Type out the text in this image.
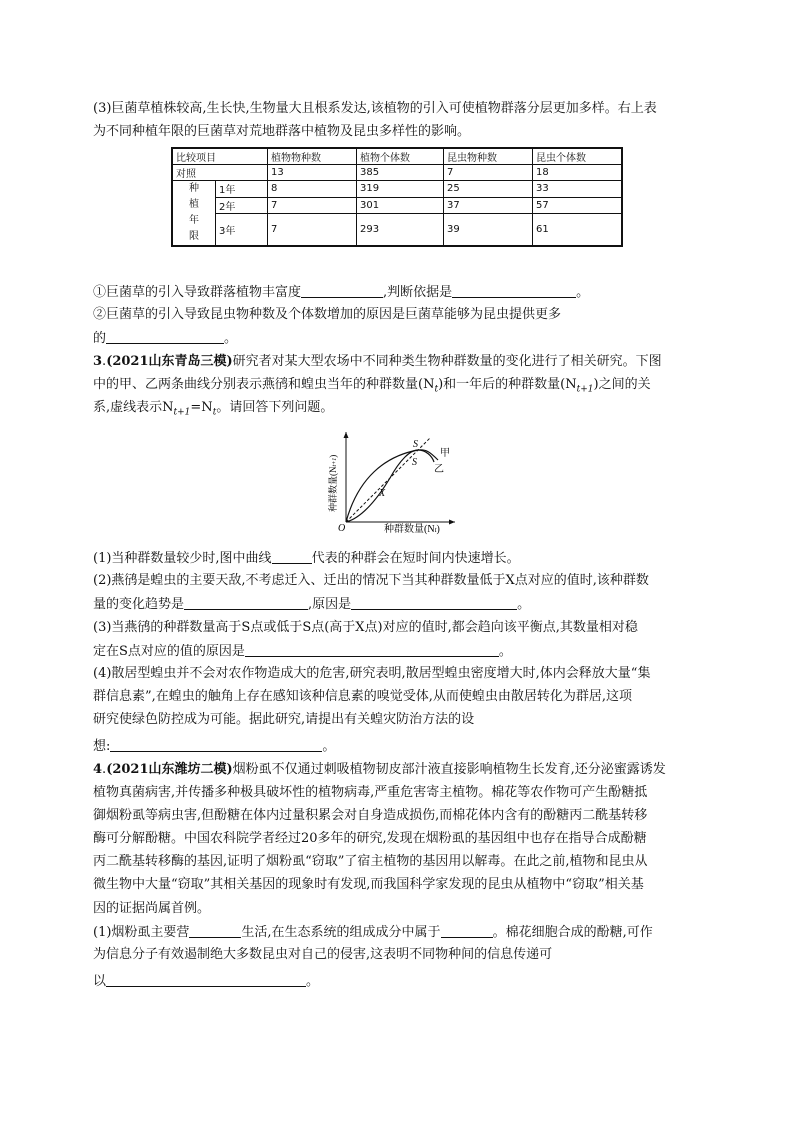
(3)巨菌草植株较高,生长快,生物量大且根系发达,该植物的引入可使植物群落分层更加多样。右上表
为不同种植年限的巨菌草对荒地群落中植物及昆虫多样性的影响。
比较项目		植物物种数	植物个体数	昆虫物种数	昆虫个体数
对照		13	385	7	18

种
植
年
限	1年	8	319	25	33
	2年	7	301	37	57
	3年	7	293	39	61
①巨菌草的引入导致群落植物丰富度	,判断依据是	。
②巨菌草的引入导致昆虫物种数及个体数增加的原因是巨菌草能够为昆虫提供更多
的	。
3.(2021山东青岛三模)研究者对某大型农场中不同种类生物种群数量的变化进行了相关研究。下图
中的甲、乙两条曲线分别表示燕鸻和蝗虫当年的种群数量$(N_t)$和一年后的种群数量$(N_{t+1})$之间的关
系,虚线表示$N_{t+1}=N_t$。请回答下列问题。
种群数量(Nt+1)
O	种群数量(Nt)
S
S
X
甲
乙
(1)当种群数量较少时,图中曲线	代表的种群会在短时间内快速增长。
(2)燕鸻是蝗虫的主要天敌,不考虑迁入、迁出的情况下当其种群数量低于X点对应的值时,该种群数
量的变化趋势是	,原因是	。
(3)当燕鸻的种群数量高于S点或低于S点(高于X点)对应的值时,都会趋向该平衡点,其数量相对稳
定在S点对应的值的原因是	。
(4)散居型蝗虫并不会对农作物造成大的危害,研究表明,散居型蝗虫密度增大时,体内会释放大量“集
群信息素”,在蝗虫的触角上存在感知该种信息素的嗅觉受体,从而使蝗虫由散居转化为群居,这项
研究使绿色防控成为可能。据此研究,请提出有关蝗灾防治方法的设
想:	。
4.(2021山东潍坊二模)烟粉虱不仅通过刺吸植物韧皮部汁液直接影响植物生长发育,还分泌蜜露诱发
植物真菌病害,并传播多种极具破坏性的植物病毒,严重危害寄主植物。棉花等农作物可产生酚糖抵
御烟粉虱等病虫害,但酚糖在体内过量积累会对自身造成损伤,而棉花体内含有的酚糖丙二酰基转移
酶可分解酚糖。中国农科院学者经过20多年的研究,发现在烟粉虱的基因组中也存在指导合成酚糖
丙二酰基转移酶的基因,证明了烟粉虱“窃取”了宿主植物的基因用以解毒。在此之前,植物和昆虫从
微生物中大量“窃取”其相关基因的现象时有发现,而我国科学家发现的昆虫从植物中“窃取”相关基
因的证据尚属首例。
(1)烟粉虱主要营	生活,在生态系统的组成成分中属于	。棉花细胞合成的酚糖,可作
为信息分子有效遏制绝大多数昆虫对自己的侵害,这表明不同物种间的信息传递可
以	。
